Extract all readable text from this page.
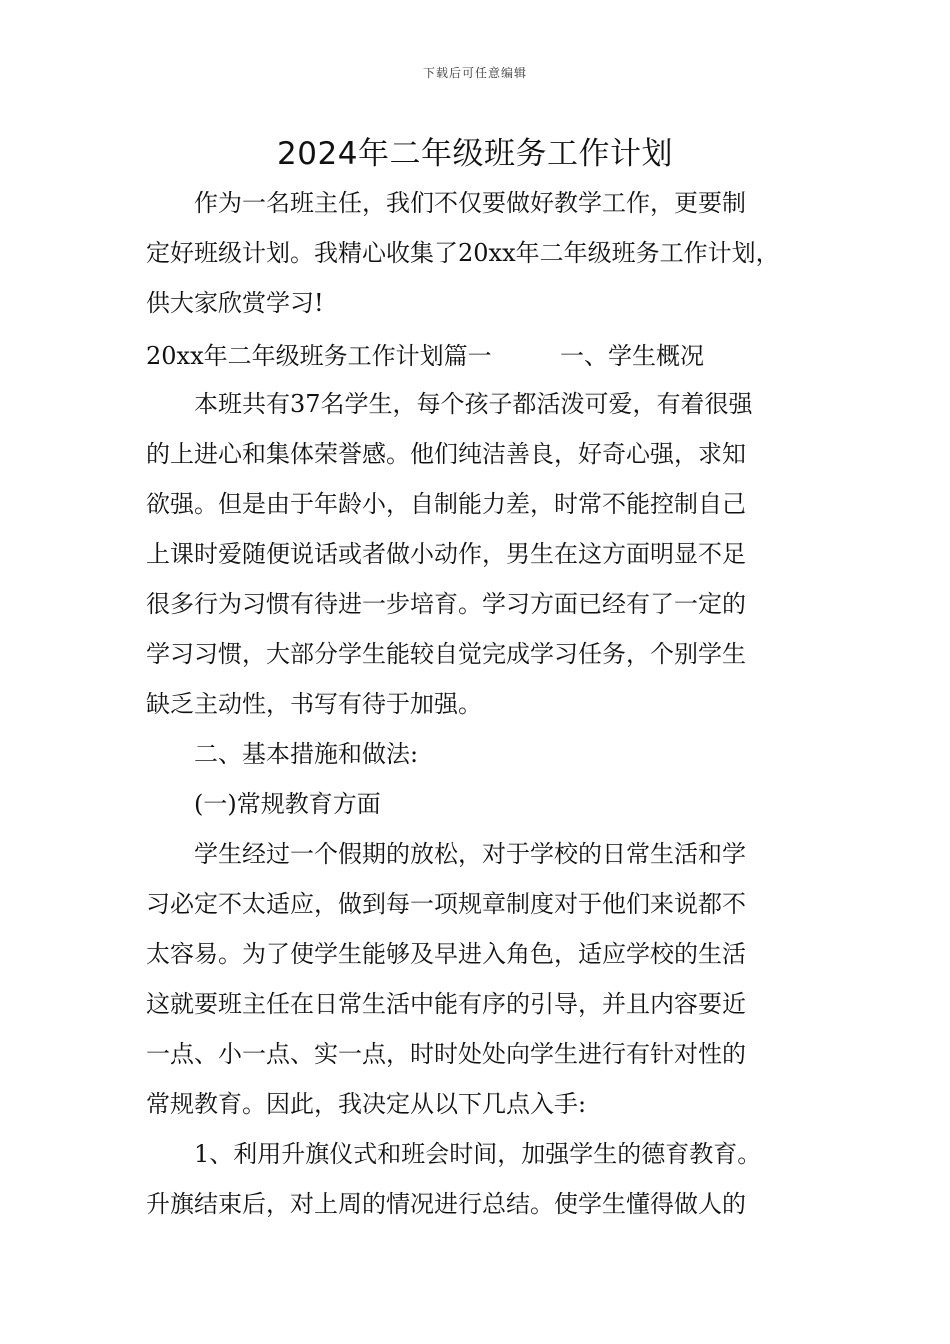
下载后可任意编辑
2024年二年级班务工作计划
作为一名班主任，我们不仅要做好教学工作，更要制
定好班级计划。我精心收集了20xx年二年级班务工作计划，
供大家欣赏学习!
20xx年二年级班务工作计划篇一	一、学生概况
本班共有37名学生，每个孩子都活泼可爱，有着很强
的上进心和集体荣誉感。他们纯洁善良，好奇心强，求知
欲强。但是由于年龄小，自制能力差，时常不能控制自己
上课时爱随便说话或者做小动作，男生在这方面明显不足
很多行为习惯有待进一步培育。学习方面已经有了一定的
学习习惯，大部分学生能较自觉完成学习任务，个别学生
缺乏主动性，书写有待于加强。
二、基本措施和做法:
(一)常规教育方面
学生经过一个假期的放松，对于学校的日常生活和学
习必定不太适应，做到每一项规章制度对于他们来说都不
太容易。为了使学生能够及早进入角色，适应学校的生活
这就要班主任在日常生活中能有序的引导，并且内容要近
一点、小一点、实一点，时时处处向学生进行有针对性的
常规教育。因此，我决定从以下几点入手:
1、利用升旗仪式和班会时间，加强学生的德育教育。
升旗结束后，对上周的情况进行总结。使学生懂得做人的
